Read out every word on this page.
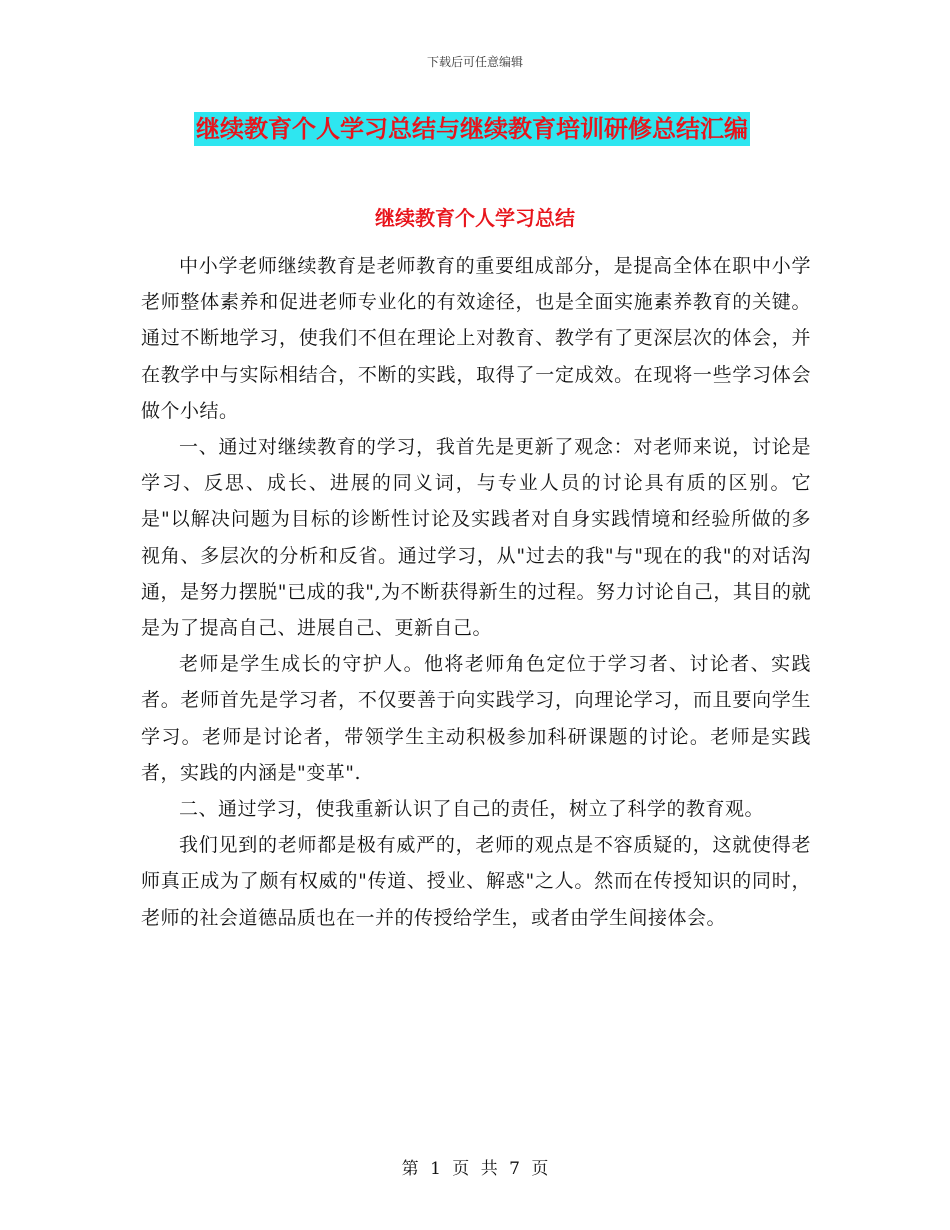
下载后可任意编辑
继续教育个人学习总结与继续教育培训研修总结汇编
继续教育个人学习总结

中小学老师继续教育是老师教育的重要组成部分，是提高全体在职中小学老师整体素养和促进老师专业化的有效途径，也是全面实施素养教育的关键。通过不断地学习，使我们不但在理论上对教育、教学有了更深层次的体会，并在教学中与实际相结合，不断的实践，取得了一定成效。在现将一些学习体会做个小结。

一、通过对继续教育的学习，我首先是更新了观念：对老师来说，讨论是学习、反思、成长、进展的同义词，与专业人员的讨论具有质的区别。它是"以解决问题为目标的诊断性讨论及实践者对自身实践情境和经验所做的多视角、多层次的分析和反省。通过学习，从"过去的我"与"现在的我"的对话沟通，是努力摆脱"已成的我",为不断获得新生的过程。努力讨论自己，其目的就是为了提高自己、进展自己、更新自己。

老师是学生成长的守护人。他将老师角色定位于学习者、讨论者、实践者。老师首先是学习者，不仅要善于向实践学习，向理论学习，而且要向学生学习。老师是讨论者，带领学生主动积极参加科研课题的讨论。老师是实践者，实践的内涵是"变革".

二、通过学习，使我重新认识了自己的责任，树立了科学的教育观。

我们见到的老师都是极有威严的，老师的观点是不容质疑的，这就使得老师真正成为了颇有权威的"传道、授业、解惑"之人。然而在传授知识的同时，老师的社会道德品质也在一并的传授给学生，或者由学生间接体会。

第 1 页 共 7 页
